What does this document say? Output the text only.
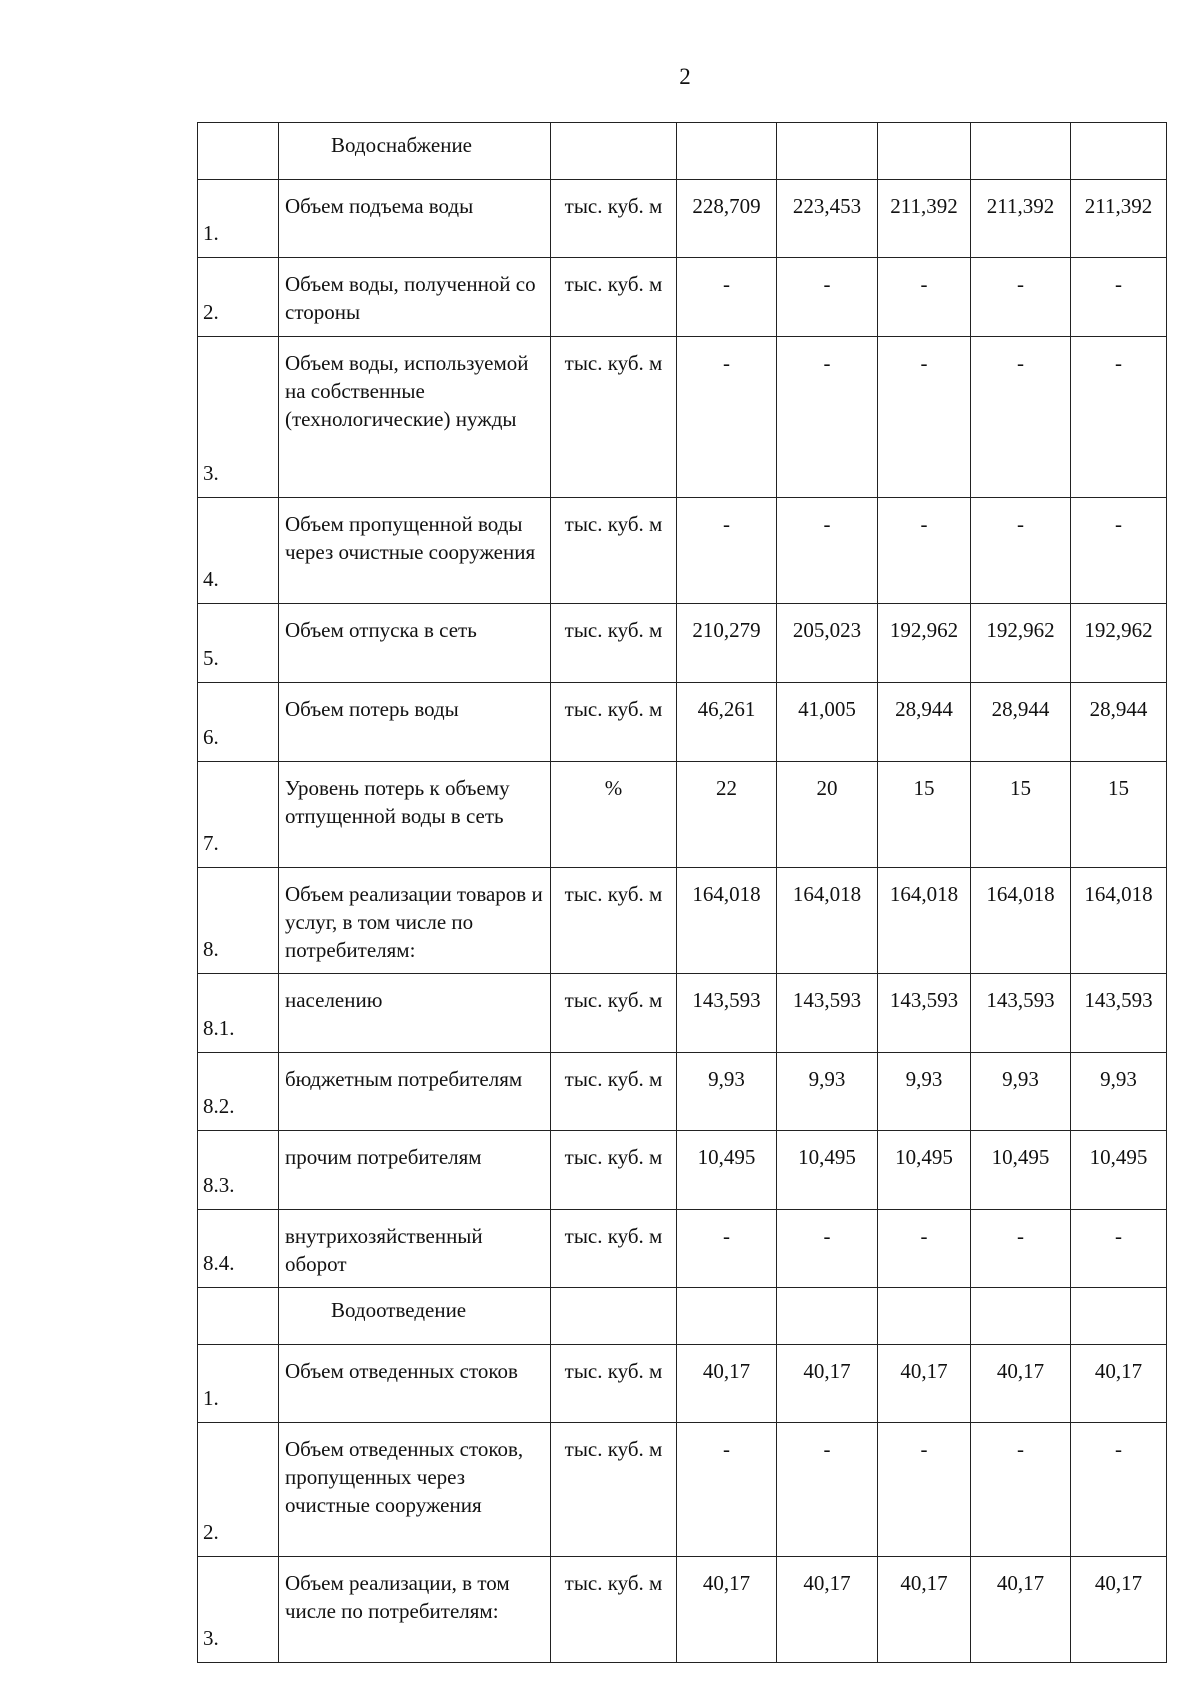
2
	Водоснабжение						

1.	Объем подъема воды	тыс. куб. м	228,709	223,453	211,392	211,392	211,392

2.	Объем воды, полученной со стороны	тыс. куб. м	-	-	-	-	-

3.	Объем воды, используемой на собственные (технологические) нужды	тыс. куб. м	-	-	-	-	-

4.	Объем пропущенной воды через очистные сооружения	тыс. куб. м	-	-	-	-	-

5.	Объем отпуска в сеть	тыс. куб. м	210,279	205,023	192,962	192,962	192,962

6.	Объем потерь воды	тыс. куб. м	46,261	41,005	28,944	28,944	28,944

7.	Уровень потерь к объему отпущенной воды в сеть	%	22	20	15	15	15

8.	Объем реализации товаров и услуг, в том числе по потребителям:	тыс. куб. м	164,018	164,018	164,018	164,018	164,018

8.1.	населению	тыс. куб. м	143,593	143,593	143,593	143,593	143,593

8.2.	бюджетным потребителям	тыс. куб. м	9,93	9,93	9,93	9,93	9,93

8.3.	прочим потребителям	тыс. куб. м	10,495	10,495	10,495	10,495	10,495

8.4.	внутрихозяйственный оборот	тыс. куб. м	-	-	-	-	-
	Водоотведение						

1.	Объем отведенных стоков	тыс. куб. м	40,17	40,17	40,17	40,17	40,17

2.	Объем отведенных стоков, пропущенных через очистные сооружения	тыс. куб. м	-	-	-	-	-

3.	Объем реализации, в том числе по потребителям:	тыс. куб. м	40,17	40,17	40,17	40,17	40,17
